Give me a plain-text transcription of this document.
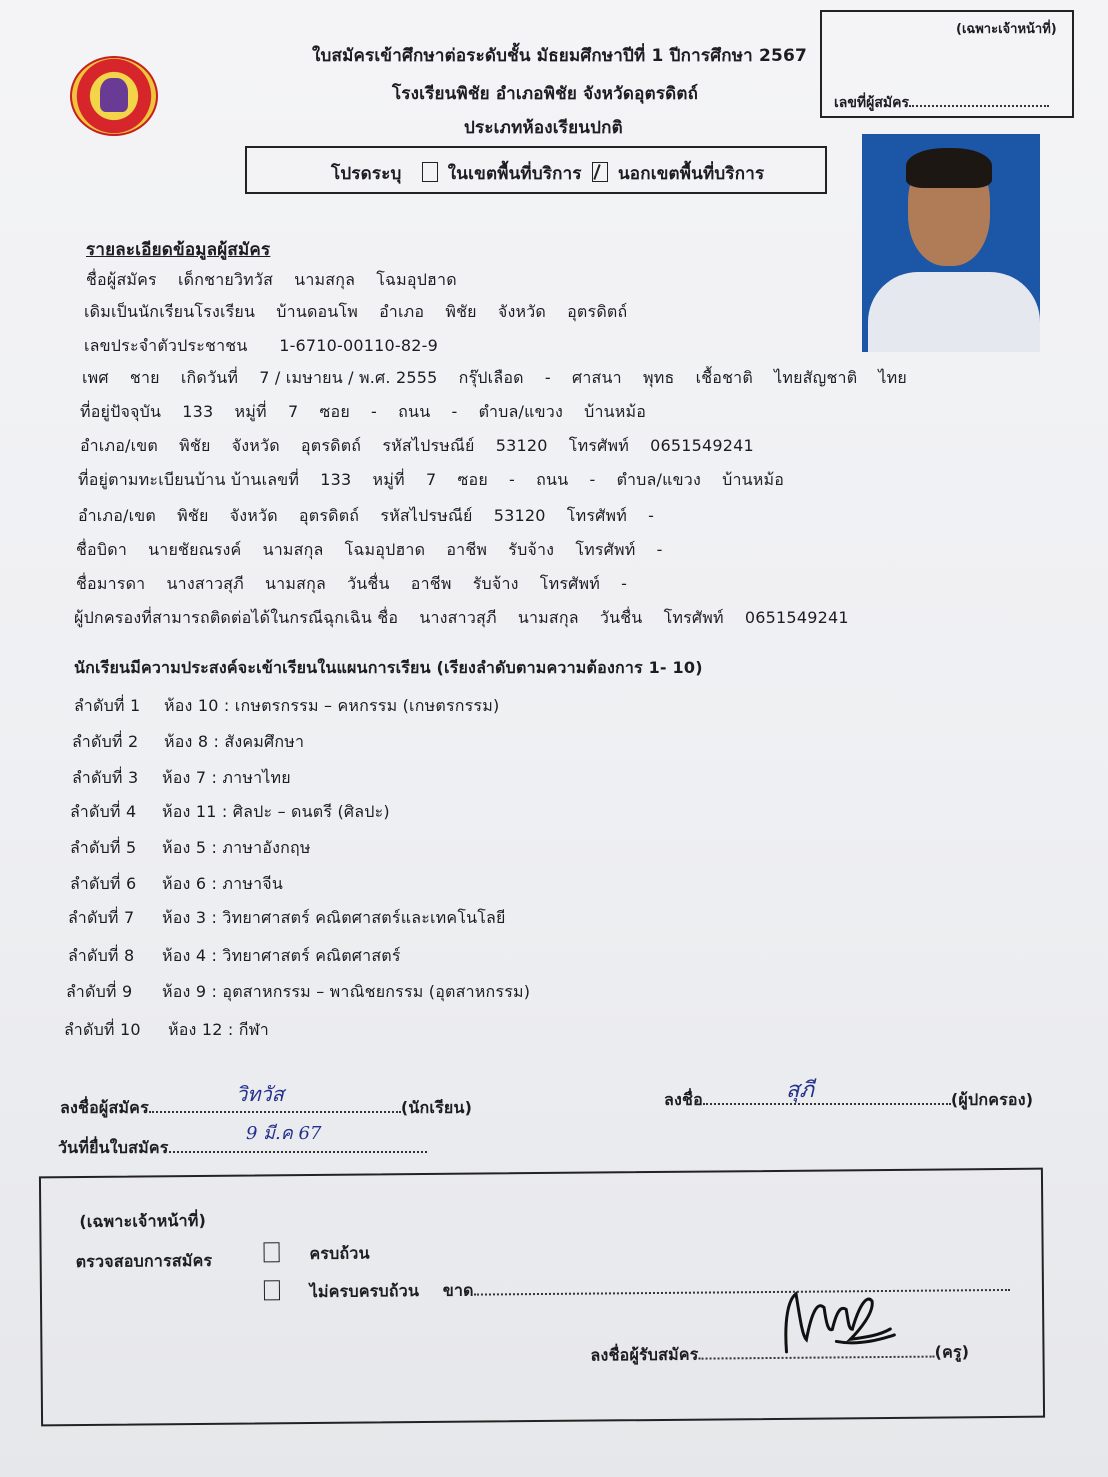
ใบสมัครเข้าศึกษาต่อระดับชั้น มัธยมศึกษาปีที่ 1 ปีการศึกษา 2567
โรงเรียนพิชัย อำเภอพิชัย จังหวัดอุตรดิตถ์
ประเภทห้องเรียนปกติ
(เฉพาะเจ้าหน้าที่)
เลขที่ผู้สมัคร
โปรดระบุ	ในเขตพื้นที่บริการ นอกเขตพื้นที่บริการ
รายละเอียดข้อมูลผู้สมัคร
ชื่อผู้สมัคร    เด็กชายวิทวัส    นามสกุล    โฉมอุปฮาด
เดิมเป็นนักเรียนโรงเรียน    บ้านดอนโพ    อำเภอ    พิชัย    จังหวัด    อุตรดิตถ์
เลขประจำตัวประชาชน      1-6710-00110-82-9
เพศ    ชาย    เกิดวันที่    7 / เมษายน / พ.ศ. 2555    กรุ๊ปเลือด    -    ศาสนา    พุทธ    เชื้อชาติ    ไทยสัญชาติ    ไทย
ที่อยู่ปัจจุบัน    133    หมู่ที่    7    ซอย    -    ถนน    -    ตำบล/แขวง    บ้านหม้อ
อำเภอ/เขต    พิชัย    จังหวัด    อุตรดิตถ์    รหัสไปรษณีย์    53120    โทรศัพท์    0651549241
ที่อยู่ตามทะเบียนบ้าน บ้านเลขที่    133    หมู่ที่    7    ซอย    -    ถนน    -    ตำบล/แขวง    บ้านหม้อ
อำเภอ/เขต    พิชัย    จังหวัด    อุตรดิตถ์    รหัสไปรษณีย์    53120    โทรศัพท์    -
ชื่อบิดา    นายชัยณรงค์    นามสกุล    โฉมอุปฮาด    อาชีพ    รับจ้าง    โทรศัพท์    -
ชื่อมารดา    นางสาวสุภี    นามสกุล    วันชื่น    อาชีพ    รับจ้าง    โทรศัพท์    -
ผู้ปกครองที่สามารถติดต่อได้ในกรณีฉุกเฉิน ชื่อ    นางสาวสุภี    นามสกุล    วันชื่น    โทรศัพท์    0651549241
นักเรียนมีความประสงค์จะเข้าเรียนในแผนการเรียน (เรียงลำดับตามความต้องการ 1- 10)
ลำดับที่ 1 ห้อง 10 : เกษตรกรรม – คหกรรม (เกษตรกรรม)
ลำดับที่ 2 ห้อง 8 : สังคมศึกษา
ลำดับที่ 3 ห้อง 7 : ภาษาไทย
ลำดับที่ 4 ห้อง 11 : ศิลปะ – ดนตรี (ศิลปะ)
ลำดับที่ 5 ห้อง 5 : ภาษาอังกฤษ
ลำดับที่ 6 ห้อง 6 : ภาษาจีน
ลำดับที่ 7 ห้อง 3 : วิทยาศาสตร์ คณิตศาสตร์และเทคโนโลยี
ลำดับที่ 8 ห้อง 4 : วิทยาศาสตร์ คณิตศาสตร์
ลำดับที่ 9 ห้อง 9 : อุตสาหกรรม – พาณิชยกรรม (อุตสาหกรรม)
ลำดับที่ 10 ห้อง 12 : กีฬา
ลงชื่อผู้สมัคร	(นักเรียน)
วิทวัส	ลงชื่อ	(ผู้ปกครอง)
สุภี
วันที่ยื่นใบสมัคร
9 มี.ค 67
(เฉพาะเจ้าหน้าที่)
ตรวจสอบการสมัคร	ครบถ้วน
ไม่ครบครบถ้วน ขาด
ลงชื่อผู้รับสมัคร	(ครู)
